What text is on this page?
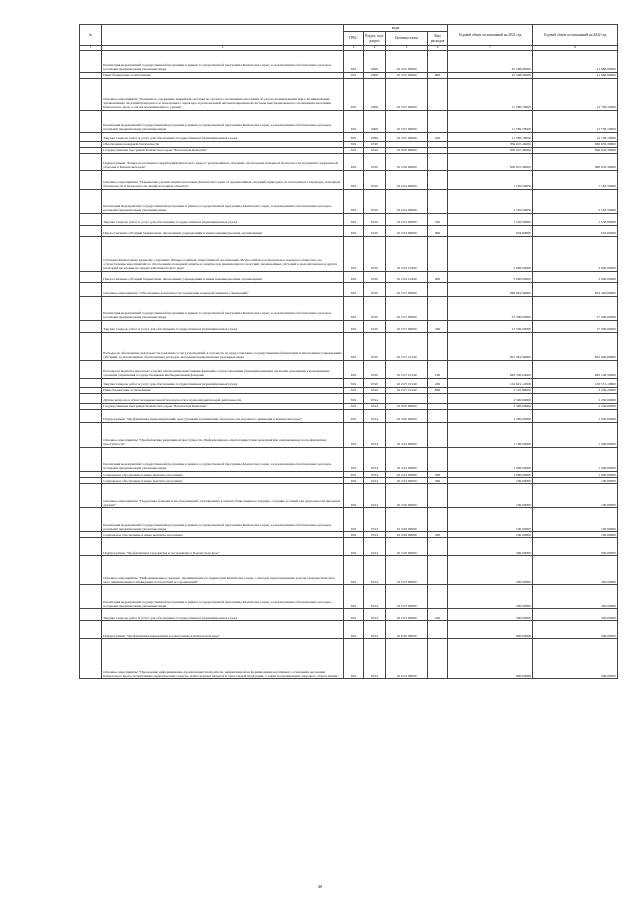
№		коды				Годовой объем ассигнований на 2021 год	Годовой объем ассигнований на 2022 год
		ГРБС	Раздел, под-раздел	Целевая статья	Вид расходов		
1	2	3	4	5	6	7	8
	Реализация мероприятий государственной программы в рамках государственной программы Камчатского края, за исключением обеспеченных расходов, которыми предназначены указанные виды	819	0309	16 3 05 09990		45 588,90000	41 868,90000
	Иные бюджетные ассигнования	819	0309	16 3 05 09990	800	45 588,90000	41 868,90000
	Основное мероприятие "Развитие и содержание аварийной системы по срочного оповещения населения об угрозе возникновения или о возникновении чрезвычайных ситуаций природного и техногенного характера и региональной автоматизированной системы централизованного оповещения населения Камчатского края, а так же муниципального уровня"	819	0309	16 3 07 00000		11 786,70000	12 758,10000
	Реализация мероприятий государственной программы в рамках государственной программы Камчатского края, за исключением обеспеченных расходов, которыми предназначены указанные виды	819	0309	16 3 07 09990		11 786,70000	12 758,10000
	Закупка товаров, работ и услуг для обеспечения государственных (муниципальных) нужд	819	0309	16 3 07 09990	200	11 786,70000	12 758,10000
	Обеспечение пожарной безопасности	819	0310			856 047,46000	860 635,39800
	Государственная программа Камчатского края "Безопасная Камчатка"	819	0310	16 0 00 00000		856 047,46000	860 635,39800
	Подпрограмма "Защита населения и территорий Камчатского края от чрезвычайных ситуаций, обеспечение пожарной безопасности и развитие гражданской обороны в Камчатском крае"	819	0310	16 2 00 00000		856 047,46000	860 635,39800
	Основное мероприятие "Повышение уровня защиты населения Камчатского края от чрезвычайных ситуаций природного и техногенного характера, пожарной безопасности и безопасности людей на водных объектах"	819	0310	16 2 04 00000		7 185,50000	7 185,50000
	Реализация мероприятий государственной программы в рамках государственной программы Камчатского края, за исключением обеспеченных расходов, которыми предназначены указанные виды	819	0310	16 2 04 09990		2 185,50000	2 185,50000
	Закупка товаров, работ и услуг для обеспечения государственных (муниципальных) нужд	819	0310	16 2 04 09990	200	1 550,90000	1 550,90000
	Предоставление субсидий бюджетным, автономным учреждениям и иным некоммерческим организациям	819	0310	16 2 04 09990	600	634,60000	634,60000
	Субсидия Камчатскому краевому отделению Общероссийской общественной организации «Всероссийское добровольное пожарное общество» на осуществление мероприятий по обеспечению пожарной защиты и защиты при ликвидации последствий чрезвычайных ситуаций в малочисленных и других категорий населения на территории Камчатского края	819	0310	16 2 04 10490		5 000,00000	5 000,00000
	Предоставление субсидий бюджетным, автономным учреждениям и иным некоммерческим организациям	819	0310	16 2 04 10490	600	5 000,00000	5 000,00000
	Основное мероприятие "Обеспечение деятельности содержания подведомственных учреждений"	819	0310	16 2 07 00000		848 861,96000	853 449,89800
	Реализация мероприятий государственной программы в рамках государственной программы Камчатского края, за исключением обеспеченных расходов, которыми предназначены указанные виды	819	0310	16 2 07 09990		27 500,00000	27 500,00000
	Закупка товаров, работ и услуг для обеспечения государственных (муниципальных) нужд	819	0310	16 2 07 09990	200	27 500,00000	27 500,00000
	Расходы на обеспечение деятельности (оказание услуг) учреждений, в том числе на предоставление государственным бюджетным и автономным учреждениям субсидий, за исключением обеспеченных расходов, которыми предназначены указанные виды	819	0310	16 2 07 10140		821 361,96000	825 949,89800
	Расходы на выплаты персоналу в целях обеспечения выполнения функций государственными (муниципальными) органами, казенными учреждениями, органами управления государственными внебюджетными фондами	819	0310	16 2 07 10140	100	663 330,04000	665 148,59000
	Закупка товаров, работ и услуг для обеспечения государственных (муниципальных) нужд	819	0310	16 2 07 10140	200	154 921,12000	150 571,10800
	Иные бюджетные ассигнования	819	0310	16 2 07 10140	800	3 110,80000	3 230,20000
	Другие вопросы в области национальной безопасности и правоохранительной деятельности	819	0314			2 300,00000	2 250,00000
	Государственная программа Камчатского края "Безопасная Камчатка"	819	0314	16 0 00 00000		2 300,00000	2 250,00000
	Подпрограмма "Профилактика правонарушений, преступлений и повышение безопасности дорожного движения в Камчатском крае"	819	0314	16 4 00 00000		1 200,00000	1 500,00000
	Основное мероприятие "Профилактика рецидивной преступности. Информационно-пропагандистские мероприятия, направленные на профилактику преступности"	819	0314	16 4 04 00000		1 100,00000	1 200,00000
	Реализация мероприятий государственной программы в рамках государственной программы Камчатского края, за исключением обеспеченных расходов, которыми предназначены указанные виды	819	0314	16 4 04 09990		1 000,00000	1 200,00000
	Социальное обеспечение и иные выплаты населению	819	0314	16 4 04 09990	300	1 000,00000	1 000,00000
	Социальное обеспечение и иные выплаты населению	819	0314	16 4 04 09990	300	100,00000	100,00000
	Основное мероприятие "Поддержка граждан и их объединений, участвующих в охране общественного порядка, создание условий для деятельности народных дружин"	819	0314	16 4 06 00000		100,00000	100,00000
	Реализация мероприятий государственной программы в рамках государственной программы Камчатского края, за исключением обеспеченных расходов, которыми предназначены указанные виды	819	0314	16 4 06 09990		100,00000	100,00000
	Социальное обеспечение и иные выплаты населению	819	0314	16 4 06 09990	300	100,00000	100,00000
	Подпрограмма "Профилактика терроризма и экстремизма в Камчатском крае"	819	0314	16 5 00 00000		300,00000	350,00000
	Основное мероприятие "Информационное граждан, проживающих на территории Камчатского края, о методах предотвращения угрозы террористического акта, минимизации и ликвидации последствий его проявлений"	819	0314	16 5 03 00000		300,00000	350,00000
	Реализация мероприятий государственной программы в рамках государственной программы Камчатского края, за исключением обеспеченных расходов, которыми предназначены указанные виды	819	0314	16 5 03 09990		300,00000	350,00000
	Закупка товаров, работ и услуг для обеспечения государственных (муниципальных) нужд	819	0314	16 5 03 09990	200	300,00000	350,00000
	Подпрограмма "Профилактика наркомании и алкоголизма в Камчатском крае"	819	0314	16 6 00 00000		800,00000	500,00000
	Основное мероприятие "Проведение информационно-пропагандистской работы, направленной на формирование негативного отношения населения Камчатского края к потреблению наркотических средств, психотропных веществ и алкогольной продукции, а также популяризацию здорового образа жизни"	819	0314	16 6 04 00000		800,00000	500,00000
40
